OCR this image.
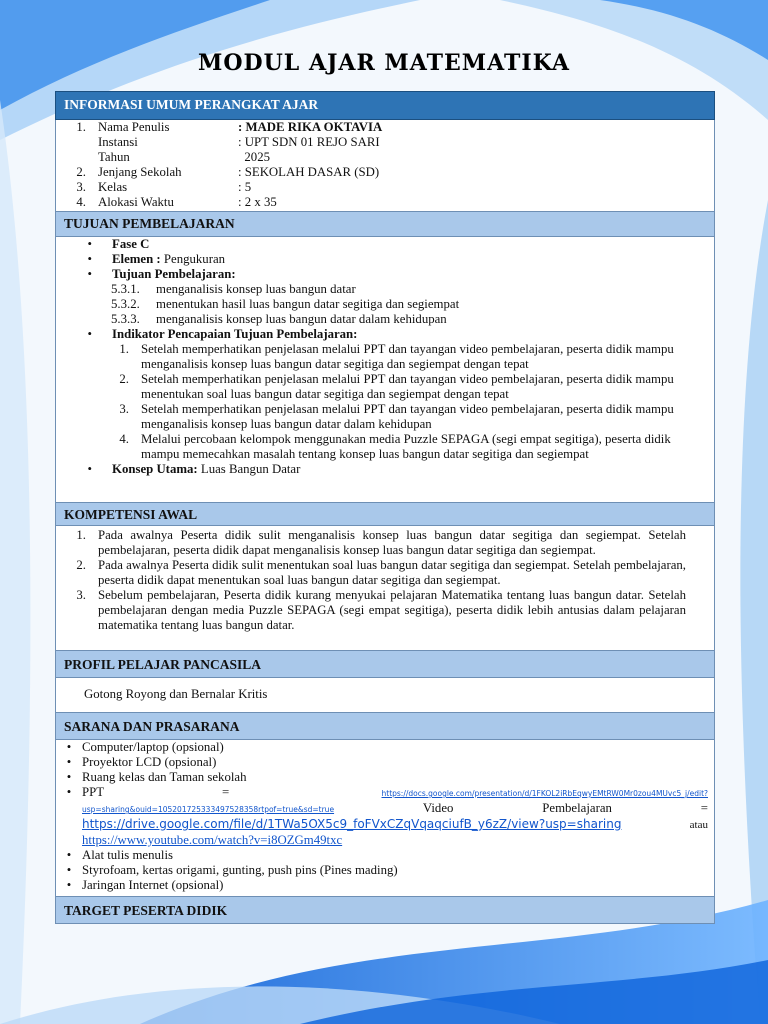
MODUL AJAR MATEMATIKA
INFORMASI UMUM PERANGKAT AJAR
1. Nama Penulis	: MADE RIKA OKTAVIA
Instansi	: UPT SDN 01 REJO SARI
Tahun	2025
2. Jenjang Sekolah	: SEKOLAH DASAR (SD)
3. Kelas	: 5
4. Alokasi Waktu	: 2 x 35
TUJUAN PEMBELAJARAN
•	Fase C
•	Elemen : Pengukuran
•	Tujuan Pembelajaran:
5.3.1.	menganalisis konsep luas bangun datar
5.3.2.	menentukan hasil luas bangun datar segitiga dan segiempat
5.3.3.	menganalisis konsep luas bangun datar dalam kehidupan
•	Indikator Pencapaian Tujuan Pembelajaran:
1. Setelah memperhatikan penjelasan melalui PPT dan tayangan video pembelajaran, peserta didik mampu menganalisis konsep luas bangun datar segitiga dan segiempat dengan tepat
2. Setelah memperhatikan penjelasan melalui PPT dan tayangan video pembelajaran, peserta didik mampu menentukan soal luas bangun datar segitiga dan segiempat dengan tepat
3. Setelah memperhatikan penjelasan melalui PPT dan tayangan video pembelajaran, peserta didik mampu menganalisis konsep luas bangun datar dalam kehidupan
4. Melalui percobaan kelompok menggunakan media Puzzle SEPAGA (segi empat segitiga), peserta didik mampu memecahkan masalah tentang konsep luas bangun datar segitiga dan segiempat
•	Konsep Utama: Luas Bangun Datar
KOMPETENSI AWAL
1. Pada awalnya Peserta didik sulit menganalisis konsep luas bangun datar segitiga dan segiempat. Setelah pembelajaran, peserta didik dapat menganalisis konsep luas bangun datar segitiga dan segiempat.
2. Pada awalnya Peserta didik sulit menentukan soal luas bangun datar segitiga dan segiempat. Setelah pembelajaran, peserta didik dapat menentukan soal luas bangun datar segitiga dan segiempat.
3. Sebelum pembelajaran, Peserta didik kurang menyukai pelajaran Matematika tentang luas bangun datar. Setelah pembelajaran dengan media Puzzle SEPAGA (segi empat segitiga), peserta didik lebih antusias dalam pelajaran matematika tentang luas bangun datar.
PROFIL PELAJAR PANCASILA
Gotong Royong dan Bernalar Kritis
SARANA DAN PRASARANA
• Computer/laptop (opsional)
• Proyektor LCD (opsional)
• Ruang kelas dan Taman sekolah
• PPT	=	https://docs.google.com/presentation/d/1FKOL2iRbEqwyEMtRW0Mr0zou4MUvc5_j/edit?
usp=sharing&ouid=105201725333497528358rtpof=true&sd=true	Video	Pembelajaran	=
https://drive.google.com/file/d/1TWa5OX5c9_foFVxCZqVqaqciufB_y6zZ/view?usp=sharing	atau
https://www.youtube.com/watch?v=i8OZGm49txc
• Alat tulis menulis
• Styrofoam, kertas origami, gunting, push pins (Pines mading)
• Jaringan Internet (opsional)
TARGET PESERTA DIDIK
